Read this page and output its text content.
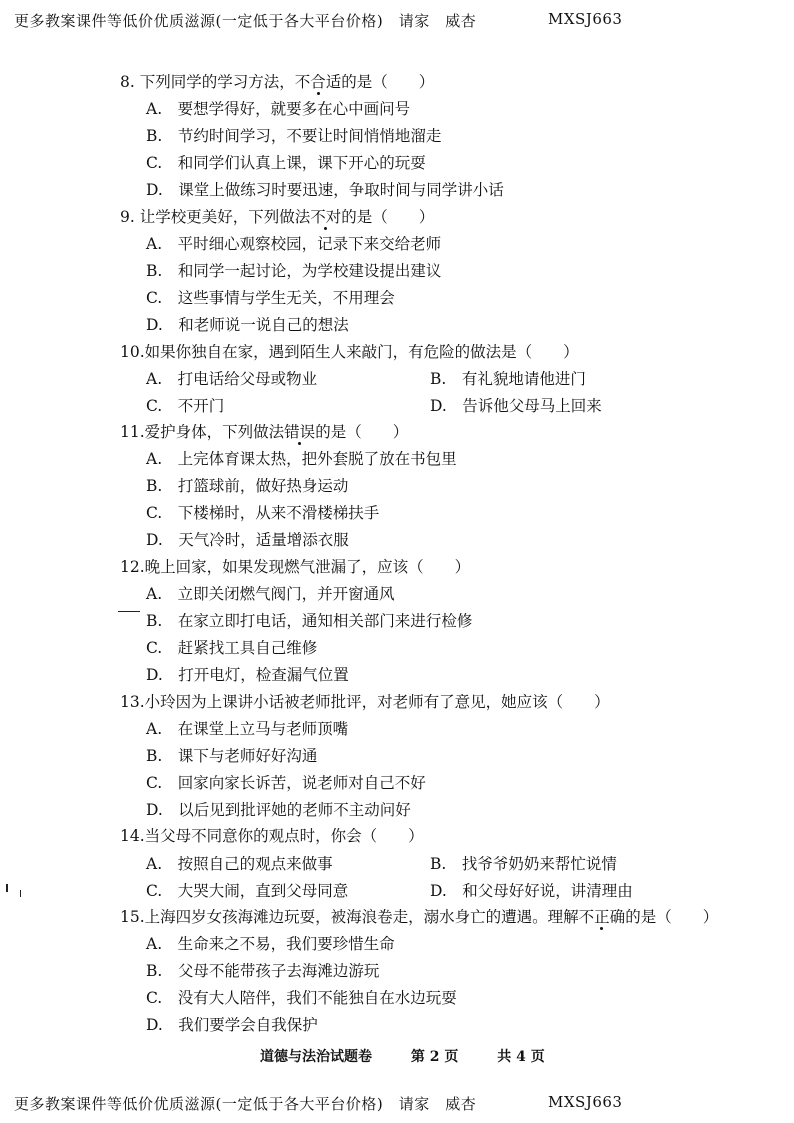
更多教案课件等低价优质滋源(一定低于各大平台价格)　请家　威杏	MXSJ663
8. 下列同学的学习方法，不合适的是（　　）
A.　要想学得好，就要多在心中画问号
B.　节约时间学习，不要让时间悄悄地溜走
C.　和同学们认真上课，课下开心的玩耍
D.　课堂上做练习时要迅速，争取时间与同学讲小话
9. 让学校更美好，下列做法不对的是（　　）
A.　平时细心观察校园，记录下来交给老师
B.　和同学一起讨论，为学校建设提出建议
C.　这些事情与学生无关，不用理会
D.　和老师说一说自己的想法
10.如果你独自在家，遇到陌生人来敲门，有危险的做法是（　　）
A.　打电话给父母或物业	B.　有礼貌地请他进门
C.　不开门	D.　告诉他父母马上回来
11.爱护身体，下列做法错误的是（　　）
A.　上完体育课太热，把外套脱了放在书包里
B.　打篮球前，做好热身运动
C.　下楼梯时，从来不滑楼梯扶手
D.　天气冷时，适量增添衣服
12.晚上回家，如果发现燃气泄漏了，应该（　　）
A.　立即关闭燃气阀门，并开窗通风
B.　在家立即打电话，通知相关部门来进行检修
C.　赶紧找工具自己维修
D.　打开电灯，检查漏气位置
13.小玲因为上课讲小话被老师批评，对老师有了意见，她应该（　　）
A.　在课堂上立马与老师顶嘴
B.　课下与老师好好沟通
C.　回家向家长诉苦，说老师对自己不好
D.　以后见到批评她的老师不主动问好
14.当父母不同意你的观点时，你会（　　）
A.　按照自己的观点来做事	B.　找爷爷奶奶来帮忙说情
C.　大哭大闹，直到父母同意	D.　和父母好好说，讲清理由
15.上海四岁女孩海滩边玩耍，被海浪卷走，溺水身亡的遭遇。理解不正确的是（　　）
A.　生命来之不易，我们要珍惜生命
B.　父母不能带孩子去海滩边游玩
C.　没有大人陪伴，我们不能独自在水边玩耍
D.　我们要学会自我保护
道德与法治试题卷	第 2 页	共 4 页
更多教案课件等低价优质滋源(一定低于各大平台价格)　请家　威杏	MXSJ663
